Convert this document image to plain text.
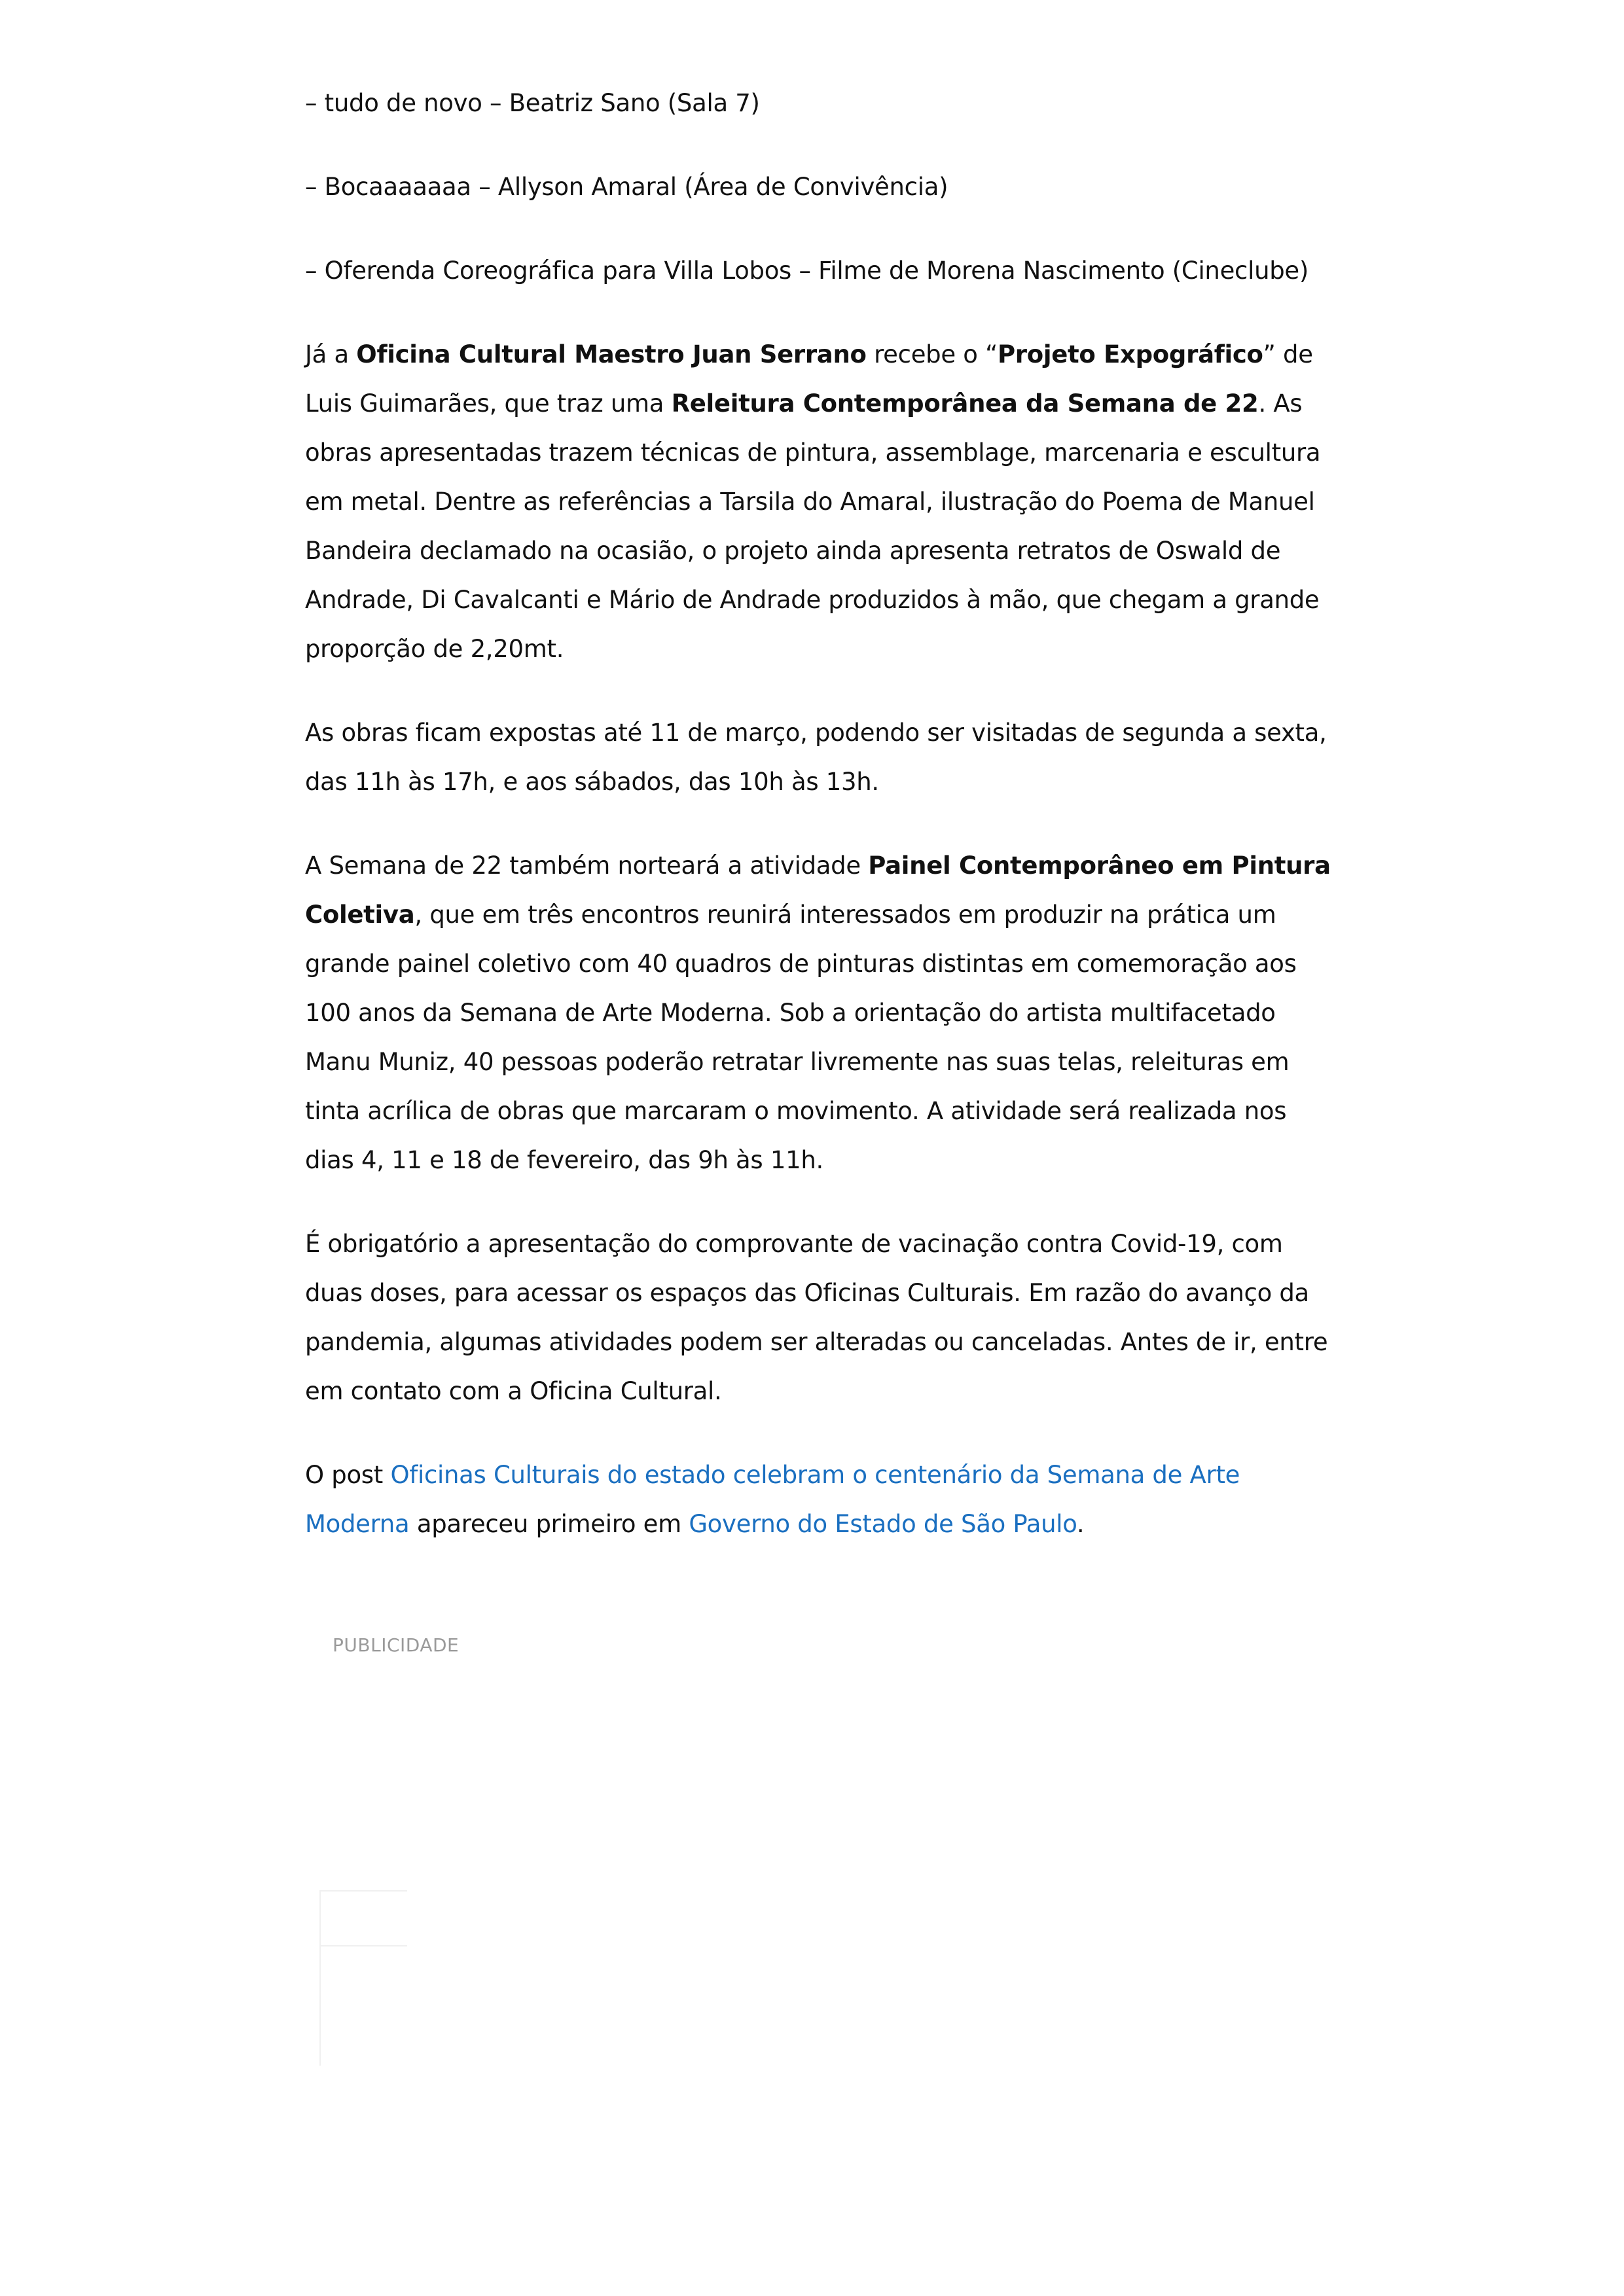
– tudo de novo – Beatriz Sano (Sala 7)

– Bocaaaaaaa – Allyson Amaral (Área de Convivência)

– Oferenda Coreográfica para Villa Lobos – Filme de Morena Nascimento (Cineclube)

Já a Oficina Cultural Maestro Juan Serrano recebe o “Projeto Expográfico” de Luis Guimarães, que traz uma Releitura Contemporânea da Semana de 22. As obras apresentadas trazem técnicas de pintura, assemblage, marcenaria e escultura em metal. Dentre as referências a Tarsila do Amaral, ilustração do Poema de Manuel Bandeira declamado na ocasião, o projeto ainda apresenta retratos de Oswald de Andrade, Di Cavalcanti e Mário de Andrade produzidos à mão, que chegam a grande proporção de 2,20mt.

As obras ficam expostas até 11 de março, podendo ser visitadas de segunda a sexta, das 11h às 17h, e aos sábados, das 10h às 13h.

A Semana de 22 também norteará a atividade Painel Contemporâneo em Pintura Coletiva, que em três encontros reunirá interessados em produzir na prática um grande painel coletivo com 40 quadros de pinturas distintas em comemoração aos 100 anos da Semana de Arte Moderna. Sob a orientação do artista multifacetado Manu Muniz, 40 pessoas poderão retratar livremente nas suas telas, releituras em tinta acrílica de obras que marcaram o movimento. A atividade será realizada nos dias 4, 11 e 18 de fevereiro, das 9h às 11h.

É obrigatório a apresentação do comprovante de vacinação contra Covid-19, com duas doses, para acessar os espaços das Oficinas Culturais. Em razão do avanço da pandemia, algumas atividades podem ser alteradas ou canceladas. Antes de ir, entre em contato com a Oficina Cultural.

O post Oficinas Culturais do estado celebram o centenário da Semana de Arte Moderna apareceu primeiro em Governo do Estado de São Paulo.

PUBLICIDADE
